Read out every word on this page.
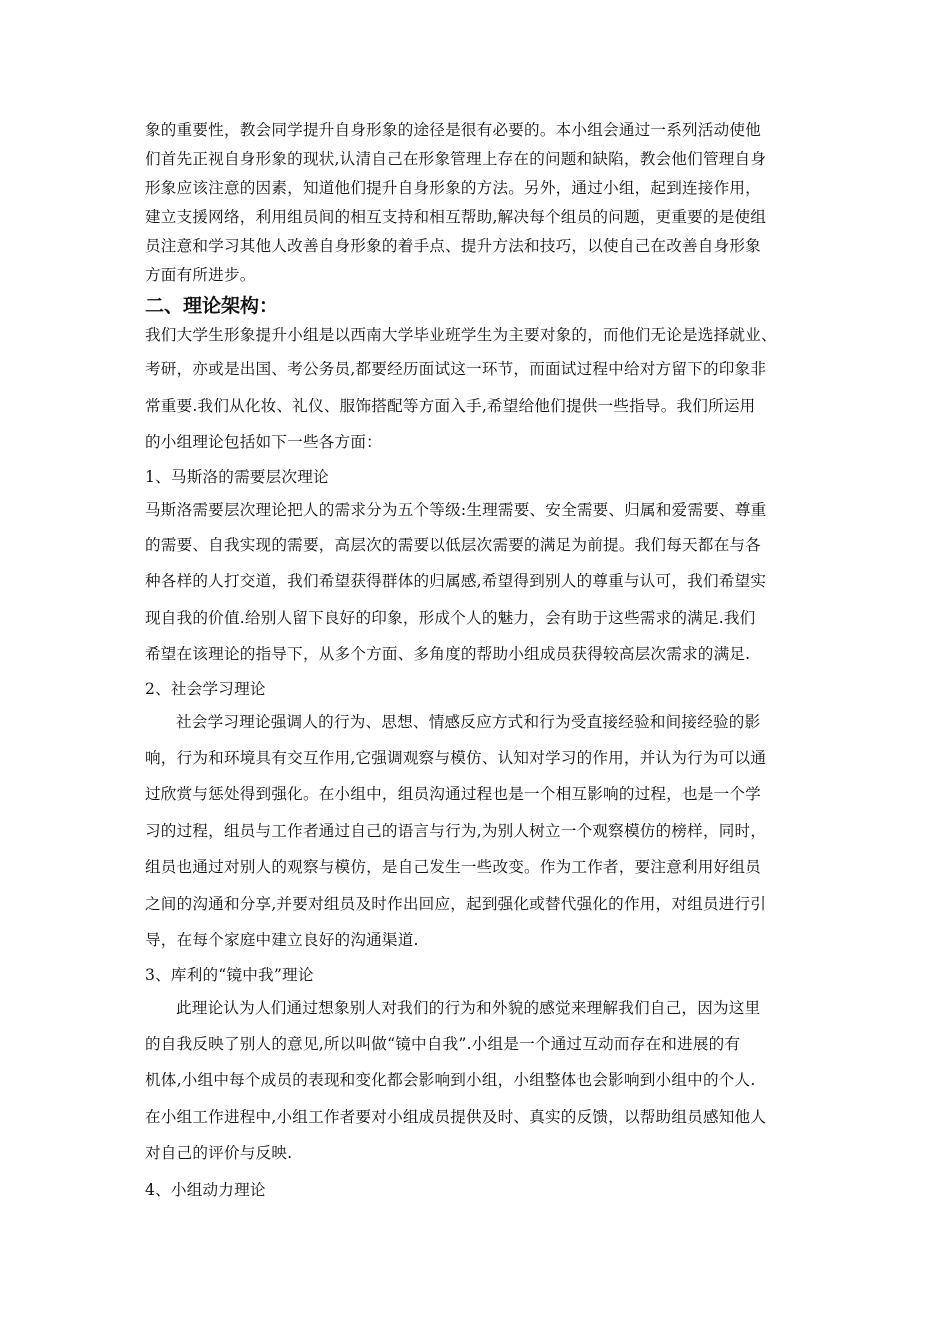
象的重要性，教会同学提升自身形象的途径是很有必要的。本小组会通过一系列活动使他
们首先正视自身形象的现状,认清自己在形象管理上存在的问题和缺陷，教会他们管理自身
形象应该注意的因素，知道他们提升自身形象的方法。另外，通过小组，起到连接作用，
建立支援网络，利用组员间的相互支持和相互帮助,解决每个组员的问题，更重要的是使组
员注意和学习其他人改善自身形象的着手点、提升方法和技巧，以使自己在改善自身形象
方面有所进步。
二、理论架构：
我们大学生形象提升小组是以西南大学毕业班学生为主要对象的，而他们无论是选择就业、
考研，亦或是出国、考公务员,都要经历面试这一环节，而面试过程中给对方留下的印象非
常重要.我们从化妆、礼仪、服饰搭配等方面入手,希望给他们提供一些指导。我们所运用
的小组理论包括如下一些各方面：
1、马斯洛的需要层次理论
马斯洛需要层次理论把人的需求分为五个等级:生理需要、安全需要、归属和爱需要、尊重
的需要、自我实现的需要，高层次的需要以低层次需要的满足为前提。我们每天都在与各
种各样的人打交道，我们希望获得群体的归属感,希望得到别人的尊重与认可，我们希望实
现自我的价值.给别人留下良好的印象，形成个人的魅力，会有助于这些需求的满足.我们
希望在该理论的指导下，从多个方面、多角度的帮助小组成员获得较高层次需求的满足.
2、社会学习理论
社会学习理论强调人的行为、思想、情感反应方式和行为受直接经验和间接经验的影
响，行为和环境具有交互作用,它强调观察与模仿、认知对学习的作用，并认为行为可以通
过欣赏与惩处得到强化。在小组中，组员沟通过程也是一个相互影响的过程，也是一个学
习的过程，组员与工作者通过自己的语言与行为,为别人树立一个观察模仿的榜样，同时，
组员也通过对别人的观察与模仿，是自己发生一些改变。作为工作者，要注意利用好组员
之间的沟通和分享,并要对组员及时作出回应，起到强化或替代强化的作用，对组员进行引
导，在每个家庭中建立良好的沟通渠道.
3、库利的“镜中我”理论
此理论认为人们通过想象别人对我们的行为和外貌的感觉来理解我们自己，因为这里
的自我反映了别人的意见,所以叫做“镜中自我”.小组是一个通过互动而存在和进展的有
机体,小组中每个成员的表现和变化都会影响到小组，小组整体也会影响到小组中的个人.
在小组工作进程中,小组工作者要对小组成员提供及时、真实的反馈，以帮助组员感知他人
对自己的评价与反映.
4、小组动力理论
